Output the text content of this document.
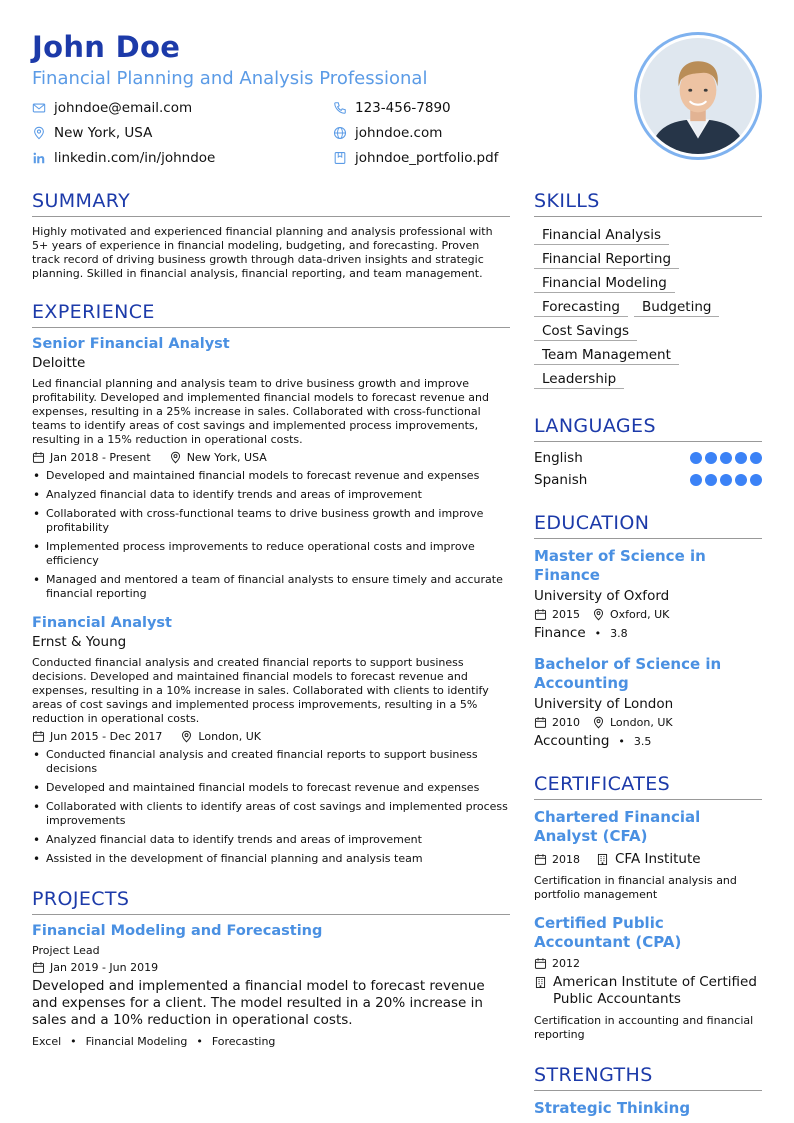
John Doe
Financial Planning and Analysis Professional
johndoe@email.com	123-456-7890
New York, USA	johndoe.com
linkedin.com/in/johndoe	johndoe_portfolio.pdf
SUMMARY
Highly motivated and experienced financial planning and analysis professional with 5+ years of experience in financial modeling, budgeting, and forecasting. Proven track record of driving business growth through data-driven insights and strategic planning. Skilled in financial analysis, financial reporting, and team management.
EXPERIENCE
Senior Financial Analyst
Deloitte
Led financial planning and analysis team to drive business growth and improve profitability. Developed and implemented financial models to forecast revenue and expenses, resulting in a 25% increase in sales. Collaborated with cross-functional teams to identify areas of cost savings and implemented process improvements, resulting in a 15% reduction in operational costs.
Jan 2018 - Present	New York, USA
• Developed and maintained financial models to forecast revenue and expenses
• Analyzed financial data to identify trends and areas of improvement
• Collaborated with cross-functional teams to drive business growth and improve profitability
• Implemented process improvements to reduce operational costs and improve efficiency
• Managed and mentored a team of financial analysts to ensure timely and accurate financial reporting
Financial Analyst
Ernst & Young
Conducted financial analysis and created financial reports to support business decisions. Developed and maintained financial models to forecast revenue and expenses, resulting in a 10% increase in sales. Collaborated with clients to identify areas of cost savings and implemented process improvements, resulting in a 5% reduction in operational costs.
Jun 2015 - Dec 2017	London, UK
• Conducted financial analysis and created financial reports to support business decisions
• Developed and maintained financial models to forecast revenue and expenses
• Collaborated with clients to identify areas of cost savings and implemented process improvements
• Analyzed financial data to identify trends and areas of improvement
• Assisted in the development of financial planning and analysis team
PROJECTS
Financial Modeling and Forecasting
Project Lead
Jan 2019 - Jun 2019
Developed and implemented a financial model to forecast revenue and expenses for a client. The model resulted in a 20% increase in sales and a 10% reduction in operational costs.
Excel • Financial Modeling • Forecasting
SKILLS
Financial Analysis
Financial Reporting
Financial Modeling
Forecasting	Budgeting
Cost Savings
Team Management
Leadership
LANGUAGES
English
Spanish
EDUCATION
Master of Science in Finance
University of Oxford
2015	Oxford, UK
Finance • 3.8
Bachelor of Science in Accounting
University of London
2010	London, UK
Accounting • 3.5
CERTIFICATES
Chartered Financial Analyst (CFA)
2018	CFA Institute
Certification in financial analysis and portfolio management
Certified Public Accountant (CPA)
2012
American Institute of Certified Public Accountants
Certification in accounting and financial reporting
STRENGTHS
Strategic Thinking
